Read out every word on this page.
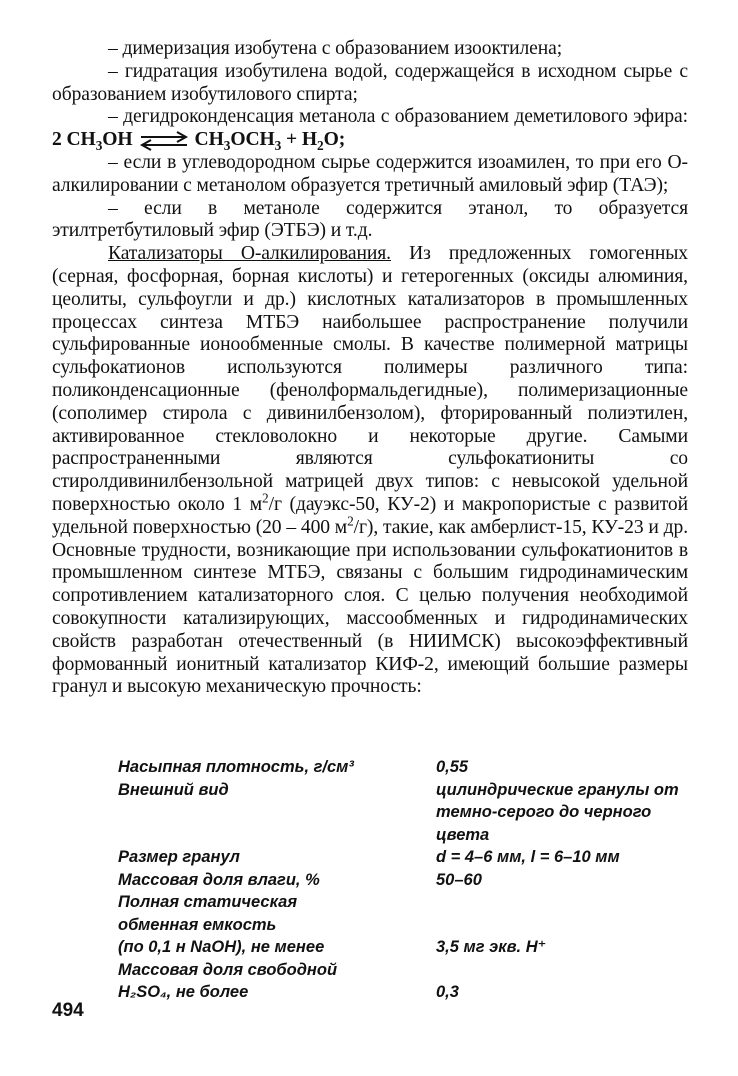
– димеризация изобутена с образованием изооктилена;

– гидратация изобутилена водой, содержащейся в исходном сырье с образованием изобутилового спирта;

– дегидроконденсация метанола с образованием деметилового эфира: 2 $CH_3OH$ ⇌ $CH_3OCH_3 + H_2O$;

– если в углеводородном сырье содержится изоамилен, то при его О-алкилировании с метанолом образуется третичный амиловый эфир (ТАЭ);

– если в метаноле содержится этанол, то образуется этилтретбутиловый эфир (ЭТБЭ) и т.д.

Катализаторы О-алкилирования. Из предложенных гомогенных (серная, фосфорная, борная кислоты) и гетерогенных (оксиды алюминия, цеолиты, сульфоугли и др.) кислотных катализаторов в промышленных процессах синтеза МТБЭ наибольшее распространение получили сульфированные ионообменные смолы. В качестве полимерной матрицы сульфокатионов используются полимеры различного типа: поликонденсационные (фенолформальдегидные), полимеризационные (сополимер стирола с дивинилбензолом), фторированный полиэтилен, активированное стекловолокно и некоторые другие. Самыми распространенными являются сульфокатиониты со стиролдивинилбензольной матрицей двух типов: с невысокой удельной поверхностью около 1 $м^2/г$ (дауэкс-50, КУ-2) и макропористые с развитой удельной поверхностью (20 – 400 $м^2/г$), такие, как амберлист-15, КУ-23 и др. Основные трудности, возникающие при использовании сульфокатионитов в промышленном синтезе МТБЭ, связаны с большим гидродинамическим сопротивлением катализаторного слоя. С целью получения необходимой совокупности катализирующих, массообменных и гидродинамических свойств разработан отечественный (в НИИМСК) высокоэффективный формованный ионитный катализатор КИФ-2, имеющий большие размеры гранул и высокую механическую прочность:

Насыпная плотность, г/см³	0,55
Внешний вид	цилиндрические гранулы от
темно-серого до черного цвета
Размер гранул	d = 4–6 мм, l = 6–10 мм
Массовая доля влаги, %	50–60
Полная статическая
обменная емкость
(по 0,1 н NaOH), не менее	3,5 мг экв. H⁺
Массовая доля свободной
H₂SO₄, не более	0,3
494
